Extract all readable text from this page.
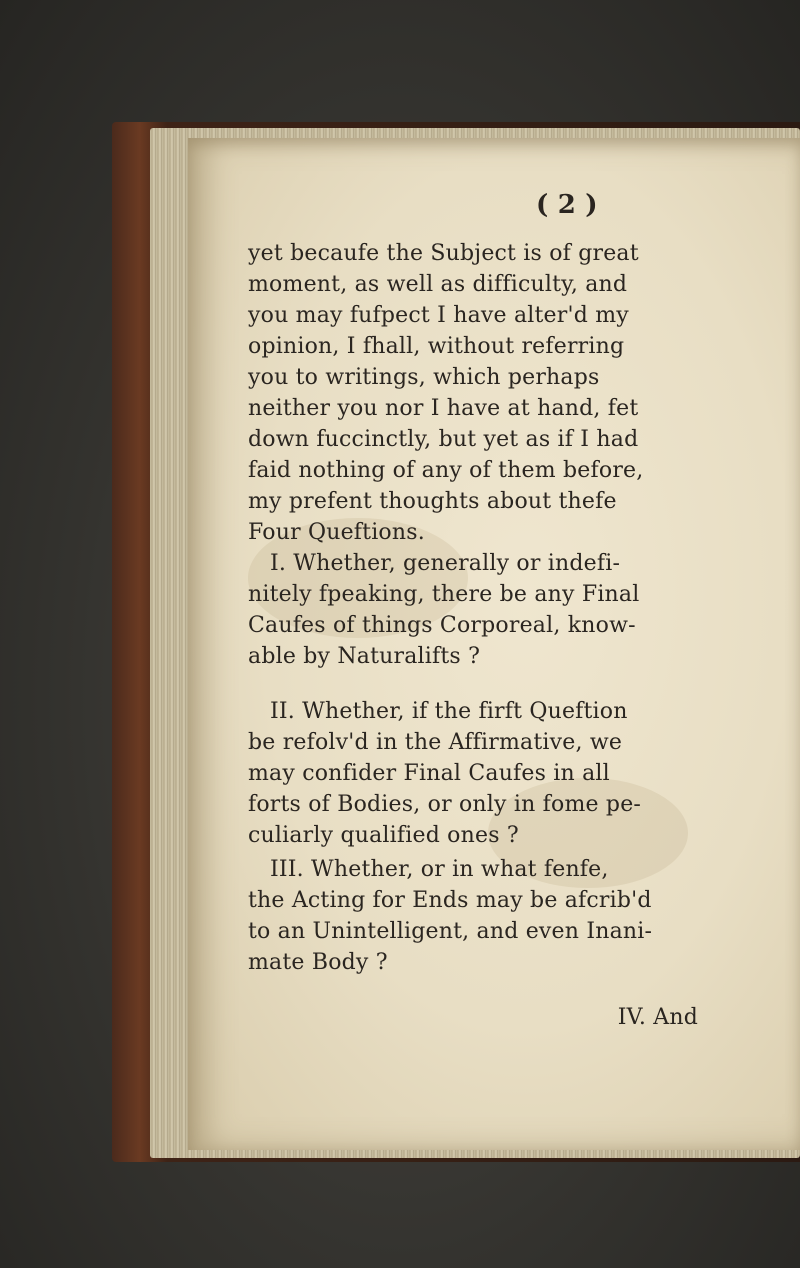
( 2 )
yet becaufe the Subject is of great
moment, as well as difficulty, and
you may fufpect I have alter'd my
opinion, I fhall, without referring
you to writings, which perhaps
neither you nor I have at hand, fet
down fuccinctly, but yet as if I had
faid nothing of any of them before,
my prefent thoughts about thefe
Four Queftions.
I. Whether, generally or indefi-
nitely fpeaking, there be any Final
Caufes of things Corporeal, know-
able by Naturalifts ?
II. Whether, if the firft Queftion
be refolv'd in the Affirmative, we
may confider Final Caufes in all
forts of Bodies, or only in fome pe-
culiarly qualified ones ?
III. Whether, or in what fenfe,
the Acting for Ends may be afcrib'd
to an Unintelligent, and even Inani-
mate Body ?
IV. And
